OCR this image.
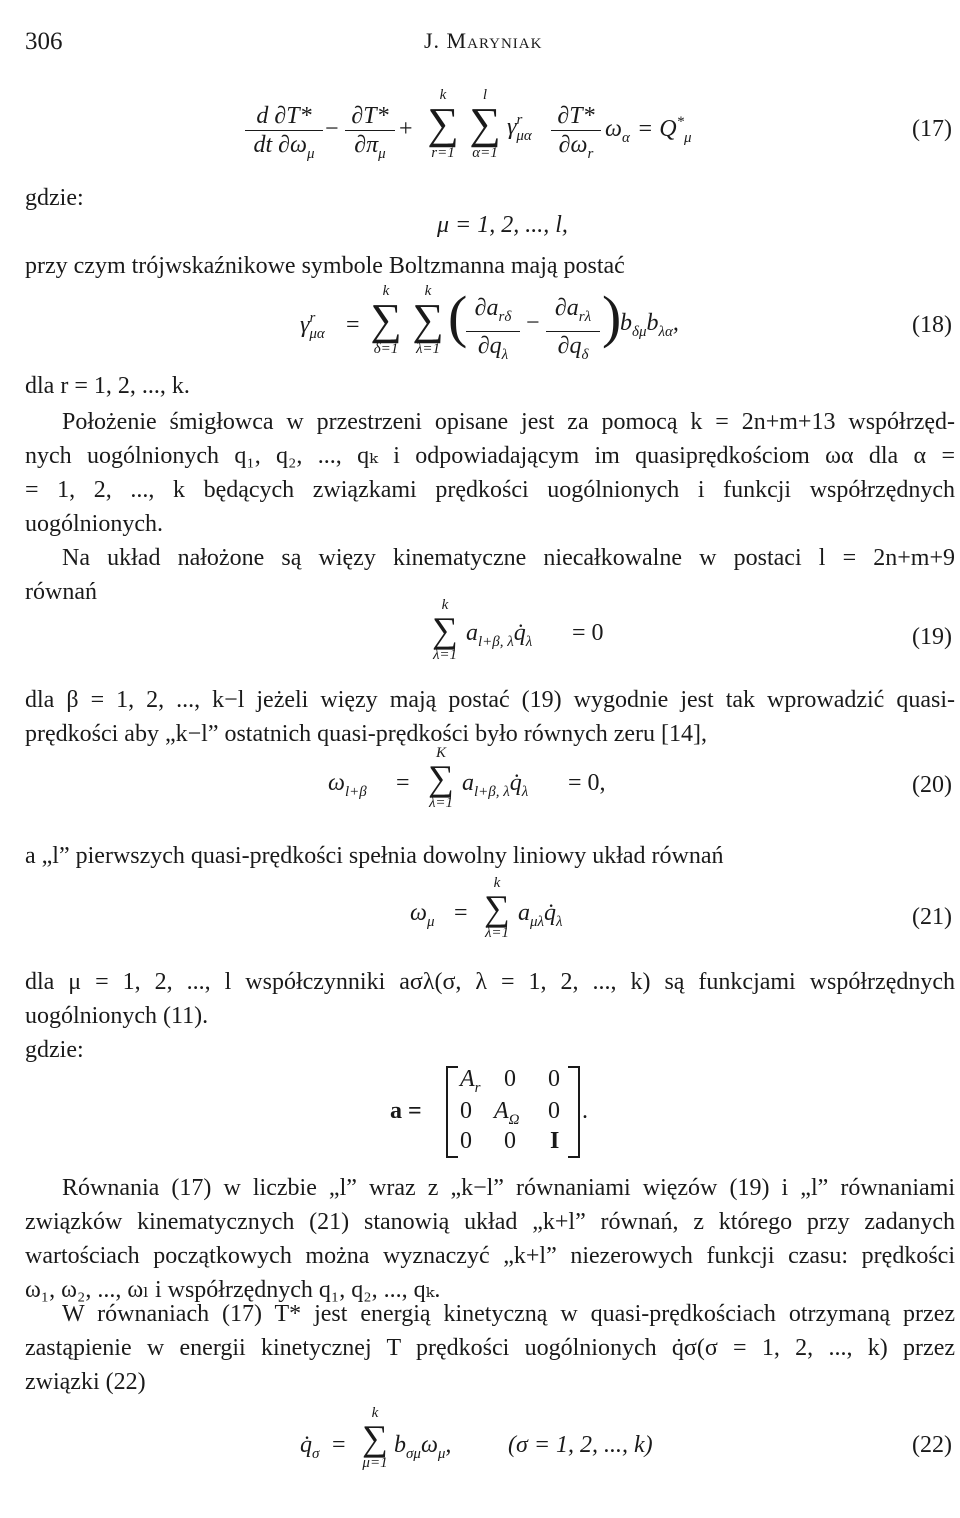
306	J. Maryniak
$\frac{d \partial T*}{dt \partial\omega_\mu} - \frac{\partial T*}{\partial\pi_\mu}$ +
k
∑
r=1
l
∑
α=1
$\gamma^r_{\mu\alpha} \frac{\partial T*}{\partial\omega_r} \omega_\alpha = Q^*_\mu$	(17)
gdzie:
μ = 1, 2, ..., l,
przy czym trójwskaźnikowe symbole Boltzmanna mają postać
$\gamma^r_{\mu\alpha}$ =
k
∑
δ=1
k
∑
λ=1 ( $\partial a_{r\delta}$
$\partial q_\lambda$
−
$\partial a_{r\lambda}$
$\partial q_\delta$
)
$b_{\delta\mu}b_{\lambda\alpha}$,	(18)
dla r = 1, 2, ..., k.
Położenie śmigłowca w przestrzeni opisane jest za pomocą k = 2n+m+13 współrzęd-
nych uogólnionych q₁, q₂, ..., qₖ i odpowiadającym im quasiprędkościom ωα dla α =
= 1, 2, ..., k będących związkami prędkości uogólnionych i funkcji współrzędnych
uogólnionych.
Na układ nałożone są więzy kinematyczne niecałkowalne w postaci l = 2n+m+9
równań	k
∑
λ=1
$a_{l+\beta, \lambda}q̇_\lambda = 0$	(19)
dla β = 1, 2, ..., k−l jeżeli więzy mają postać (19) wygodnie jest tak wprowadzić quasi-
prędkości aby „k−l” ostatnich quasi-prędkości było równych zeru [14],
$\omega_{l+\beta}$ =
K
∑
λ=1
$a_{l+\beta, \lambda}q̇_\lambda = 0$,	(20)
a „l” pierwszych quasi-prędkości spełnia dowolny liniowy układ równań
$\omega_\mu$ =
k
∑
λ=1
$a_{\mu\lambda}q̇_\lambda$	(21)
dla μ = 1, 2, ..., l współczynniki aσλ(σ, λ = 1, 2, ..., k) są funkcjami współrzędnych
uogólnionych (11).
gdzie:
a =
$A_r$ 0 0
0 $A_\Omega$ 0
0 0 I
.
Równania (17) w liczbie „l” wraz z „k−l” równaniami więzów (19) i „l” równaniami
związków kinematycznych (21) stanowią układ „k+l” równań, z którego przy zadanych
wartościach początkowych można wyznaczyć „k+l” niezerowych funkcji czasu: prędkości
ω₁, ω₂, ..., ωₗ i współrzędnych q₁, q₂, ..., qₖ.
W równaniach (17) T* jest energią kinetyczną w quasi-prędkościach otrzymaną przez
zastąpienie w energii kinetycznej T prędkości uogólnionych q̇σ(σ = 1, 2, ..., k) przez
związki (22)
$q̇_\sigma$ =
k
∑
μ=1
$b_{\sigma\mu}\omega_\mu$, (σ = 1, 2, ..., k)	(22)
